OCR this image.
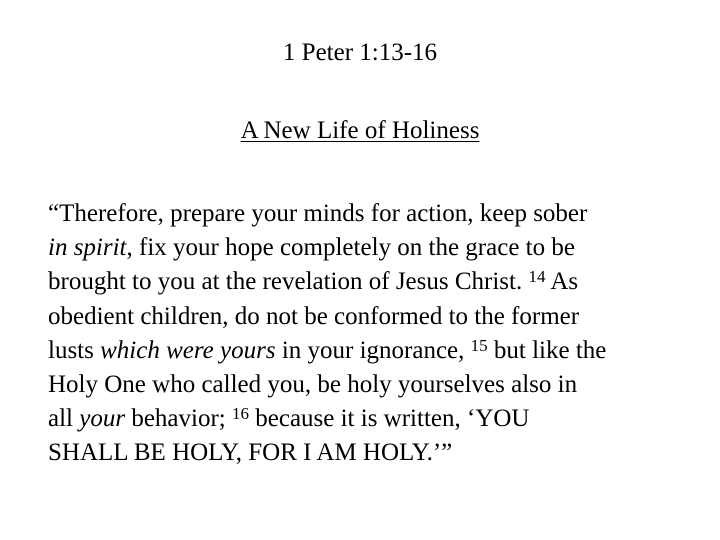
1 Peter 1:13-16
A New Life of Holiness
“Therefore, prepare your minds for action, keep sober
in spirit, fix your hope completely on the grace to be
brought to you at the revelation of Jesus Christ. $^{14}$ As
obedient children, do not be conformed to the former
lusts which were yours in your ignorance, $^{15}$ but like the
Holy One who called you, be holy yourselves also in
all your behavior; $^{16}$ because it is written, ‘YOU
SHALL BE HOLY, FOR I AM HOLY.’”
